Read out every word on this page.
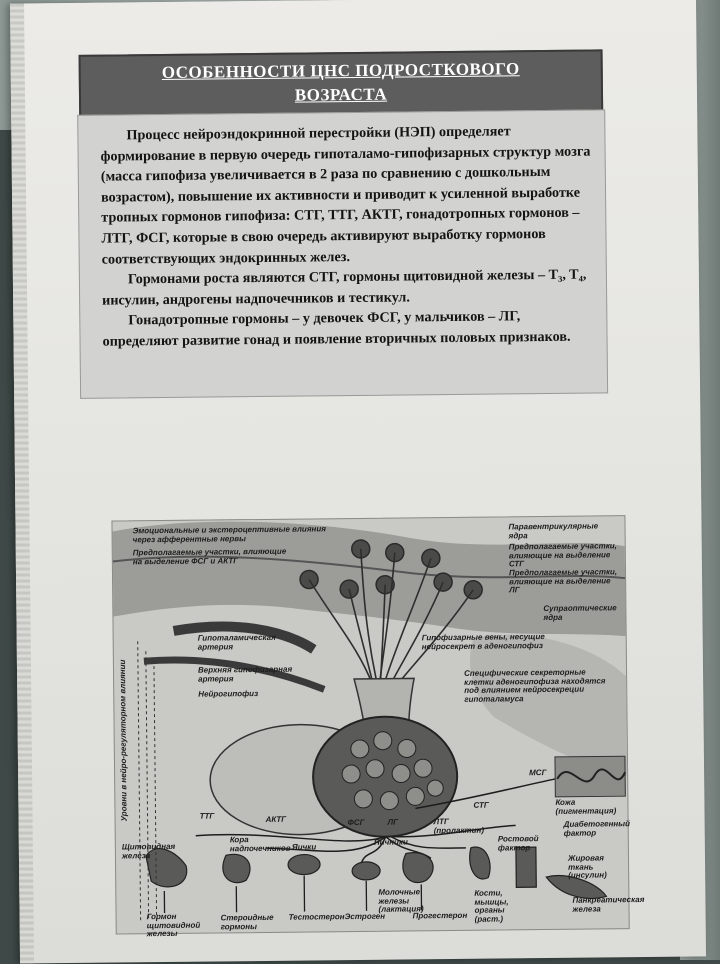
ОСОБЕННОСТИ ЦНС ПОДРОСТКОВОГО
ВОЗРАСТА

Процесс нейроэндокринной перестройки (НЭП) определяет формирование в первую очередь гипоталамо-гипофизарных структур мозга (масса гипофиза увеличивается в 2 раза по сравнению с дошкольным возрастом), повышение их активности и приводит к усиленной выработке тропных гормонов гипофиза: СТГ, ТТГ, АКТГ, гонадотропных гормонов – ЛТГ, ФСГ, которые в свою очередь активируют выработку гормонов соответствующих эндокринных желез.

Гормонами роста являются СТГ, гормоны щитовидной железы – T₃, T₄, инсулин, андрогены надпочечников и тестикул.

Гонадотропные гормоны – у девочек ФСГ, у мальчиков – ЛГ, определяют развитие гонад и появление вторичных половых признаков.

Эмоциональные и экстероцептивные влияния через афферентные нервы
Предполагаемые участки, влияющие на выделение ФСГ и АКТГ
Паравентрикулярные ядра
Предполагаемые участки, влияющие на выделение СТГ
Предполагаемые участки, влияющие на выделение ЛГ
Супраоптические ядра
Гипоталамическая артерия
Гипофизарные вены, несущие нейросекрет в аденогипофиз
Верхняя гипофизарная артерия
Нейрогипофиз
Специфические секреторные клетки аденогипофиза находятся под влиянием нейросекреции гипоталамуса
МСГ
Кожа (пигментация)
ТТГ	АКТГ	ФСГ	ЛГ	ЛТГ (пролактин)
СТГ
Щитовидная железа
Кора надпочечников Яички
Яичники	Ростовой фактор
Диабетогенный фактор
Молочные железы (лактация)
Кости, мышцы, органы (раст.)
Жировая ткань (инсулин)
Гормон щитовидной железы
Стероидные гормоны
Тестостерон Эстроген	Прогестерон
Панкреатическая железа
Уровни в нейро-регуляторном влиянии
